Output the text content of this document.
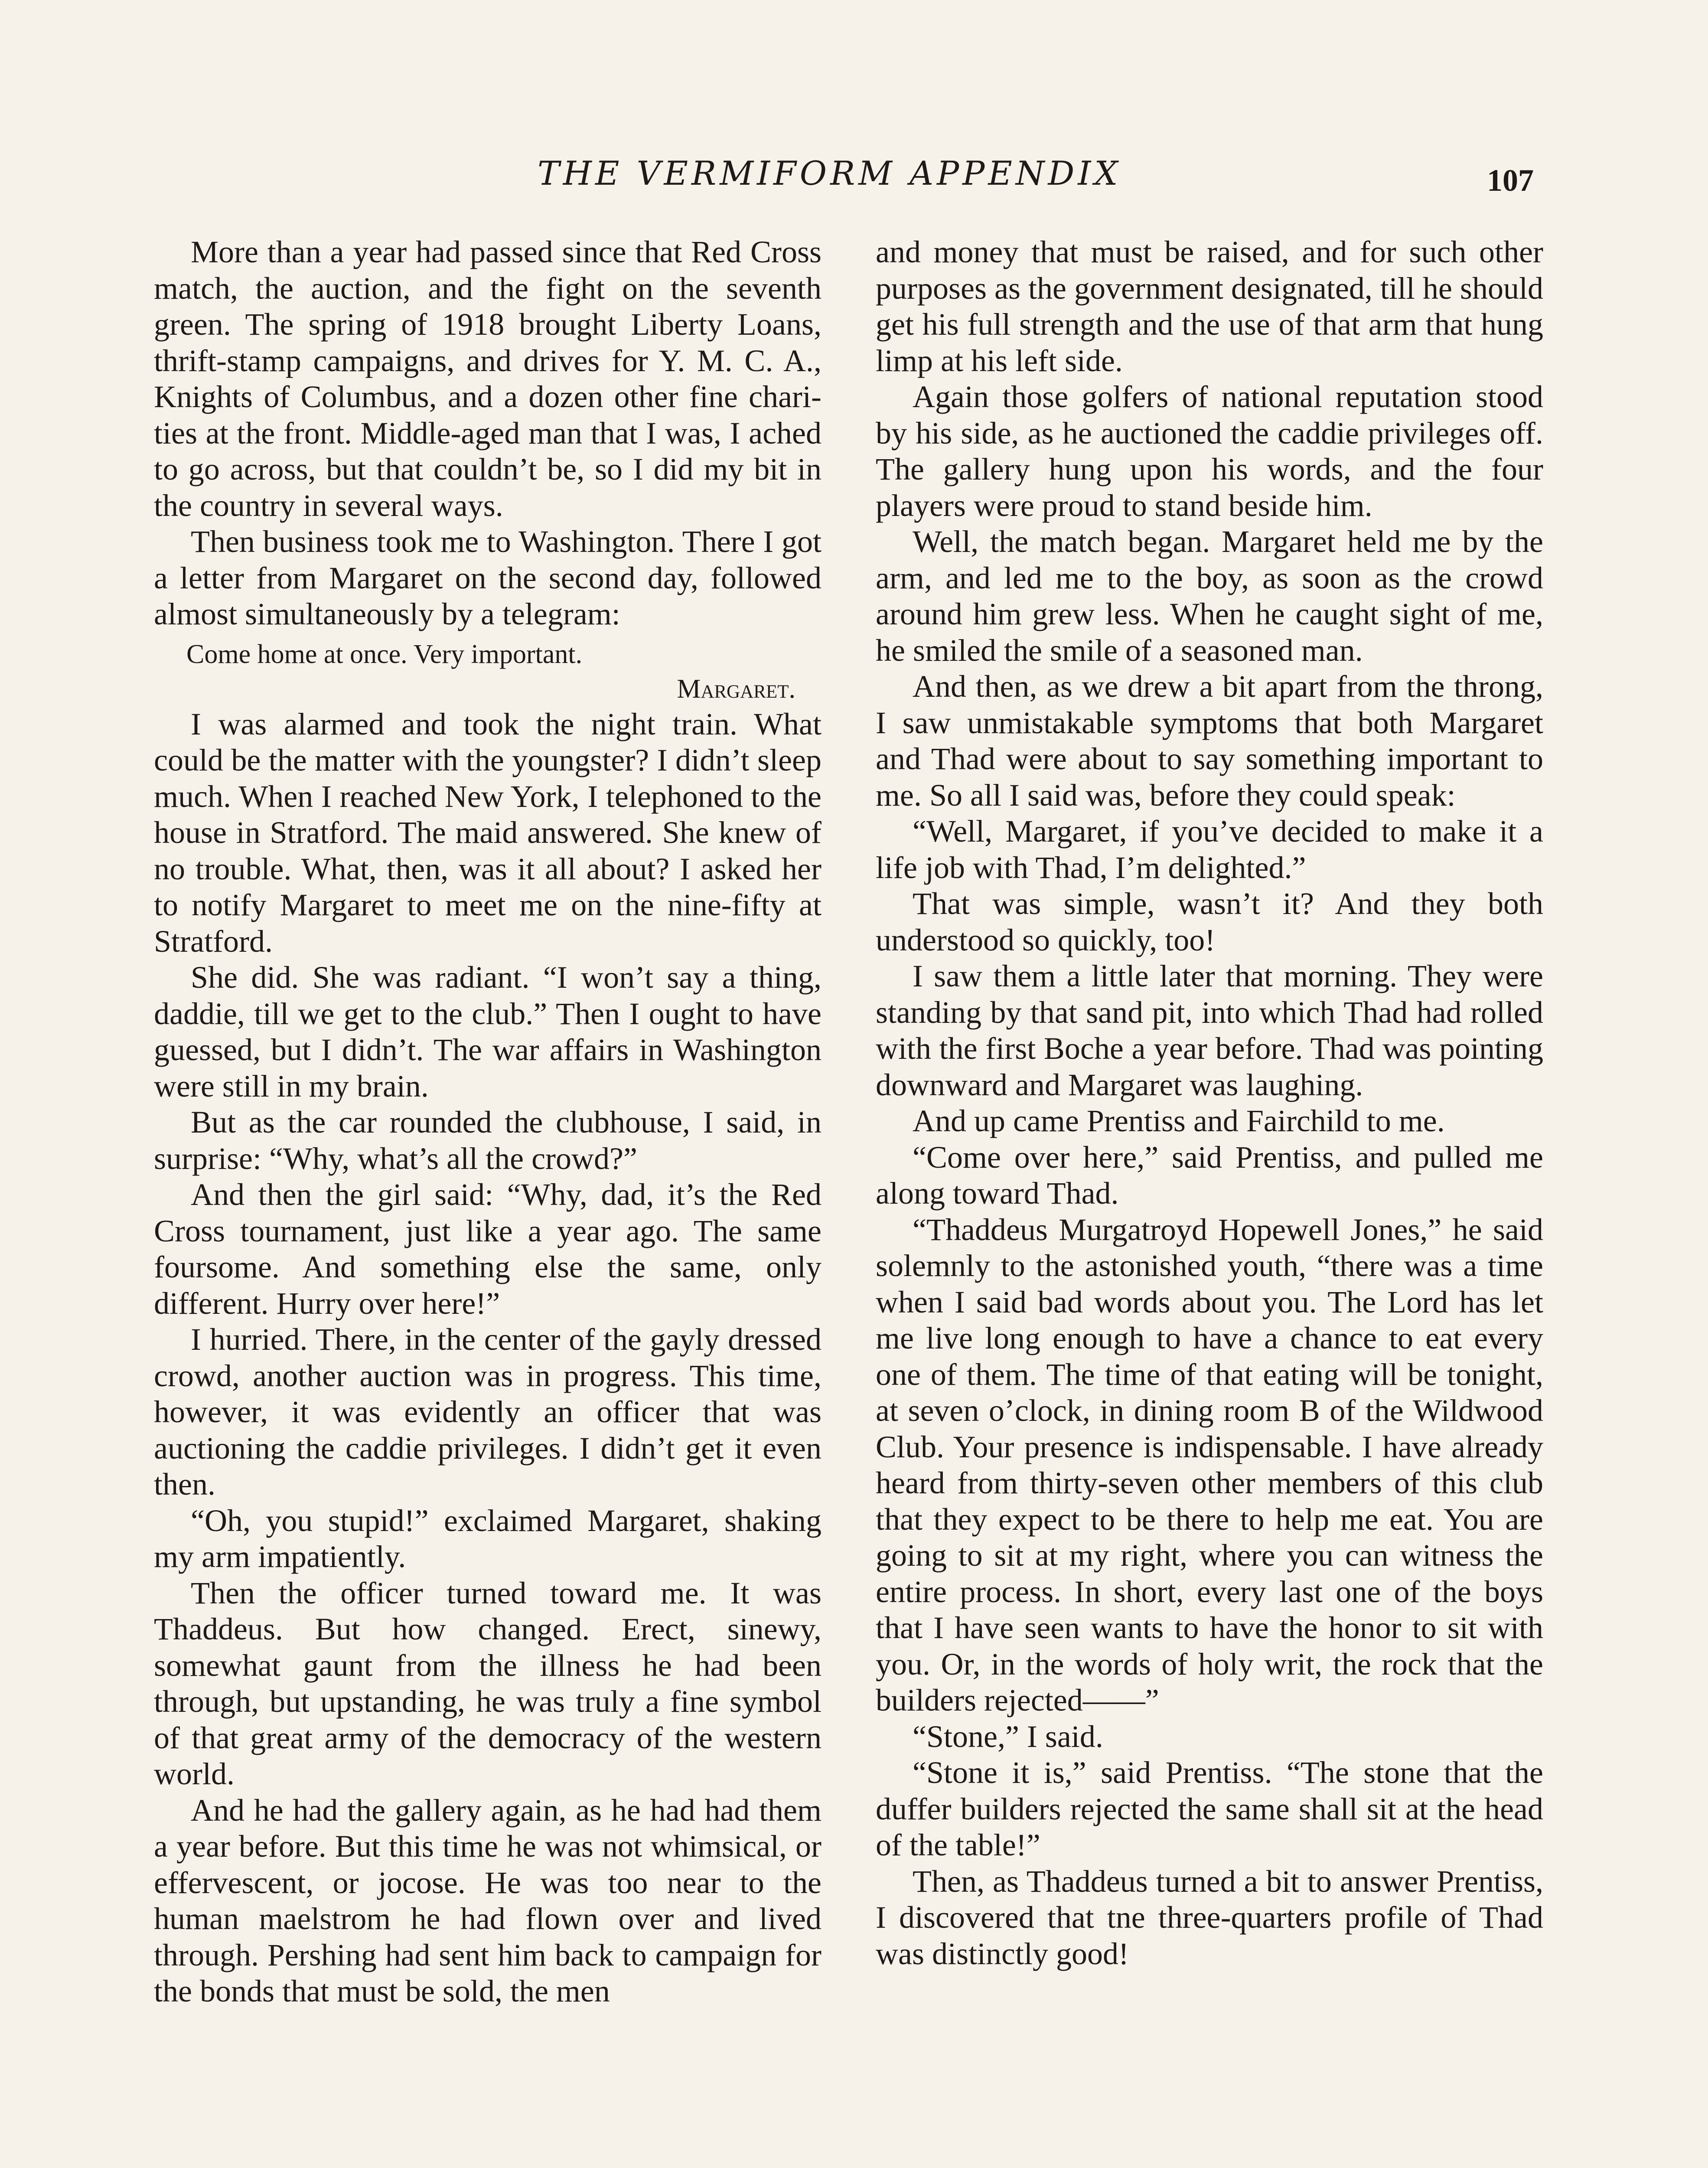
THE VERMIFORM APPENDIX	107

More than a year had passed since that Red Cross match, the auction, and the fight on the seventh green. The spring of 1918 brought Liberty Loans, thrift-stamp campaigns, and drives for Y. M. C. A., Knights of Columbus, and a dozen other fine charities at the front. Middle-aged man that I was, I ached to go across, but that couldn’t be, so I did my bit in the country in several ways.

Then business took me to Washington. There I got a letter from Margaret on the second day, followed almost simultaneously by a telegram:

Come home at once. Very important.
Margaret.

I was alarmed and took the night train. What could be the matter with the youngster? I didn’t sleep much. When I reached New York, I telephoned to the house in Stratford. The maid answered. She knew of no trouble. What, then, was it all about? I asked her to notify Margaret to meet me on the nine-fifty at Stratford.

She did. She was radiant. “I won’t say a thing, daddie, till we get to the club.” Then I ought to have guessed, but I didn’t. The war affairs in Washington were still in my brain.

But as the car rounded the clubhouse, I said, in surprise: “Why, what’s all the crowd?”

And then the girl said: “Why, dad, it’s the Red Cross tournament, just like a year ago. The same foursome. And something else the same, only different. Hurry over here!”

I hurried. There, in the center of the gayly dressed crowd, another auction was in progress. This time, however, it was evidently an officer that was auctioning the caddie privileges. I didn’t get it even then.

“Oh, you stupid!” exclaimed Margaret, shaking my arm impatiently.

Then the officer turned toward me. It was Thaddeus. But how changed. Erect, sinewy, somewhat gaunt from the illness he had been through, but upstanding, he was truly a fine symbol of that great army of the democracy of the western world.

And he had the gallery again, as he had had them a year before. But this time he was not whimsical, or effervescent, or jocose. He was too near to the human maelstrom he had flown over and lived through. Pershing had sent him back to campaign for the bonds that must be sold, the men

and money that must be raised, and for such other purposes as the government designated, till he should get his full strength and the use of that arm that hung limp at his left side.

Again those golfers of national reputation stood by his side, as he auctioned the caddie privileges off. The gallery hung upon his words, and the four players were proud to stand beside him.

Well, the match began. Margaret held me by the arm, and led me to the boy, as soon as the crowd around him grew less. When he caught sight of me, he smiled the smile of a seasoned man.

And then, as we drew a bit apart from the throng, I saw unmistakable symptoms that both Margaret and Thad were about to say something important to me. So all I said was, before they could speak:

“Well, Margaret, if you’ve decided to make it a life job with Thad, I’m delighted.”

That was simple, wasn’t it? And they both understood so quickly, too!

I saw them a little later that morning. They were standing by that sand pit, into which Thad had rolled with the first Boche a year before. Thad was pointing downward and Margaret was laughing.

And up came Prentiss and Fairchild to me.

“Come over here,” said Prentiss, and pulled me along toward Thad.

“Thaddeus Murgatroyd Hopewell Jones,” he said solemnly to the astonished youth, “there was a time when I said bad words about you. The Lord has let me live long enough to have a chance to eat every one of them. The time of that eating will be tonight, at seven o’clock, in dining room B of the Wildwood Club. Your presence is indispensable. I have already heard from thirty-seven other members of this club that they expect to be there to help me eat. You are going to sit at my right, where you can witness the entire process. In short, every last one of the boys that I have seen wants to have the honor to sit with you. Or, in the words of holy writ, the rock that the builders rejected——”

“Stone,” I said.

“Stone it is,” said Prentiss. “The stone that the duffer builders rejected the same shall sit at the head of the table!”

Then, as Thaddeus turned a bit to answer Prentiss, I discovered that tne three-quarters profile of Thad was distinctly good!
